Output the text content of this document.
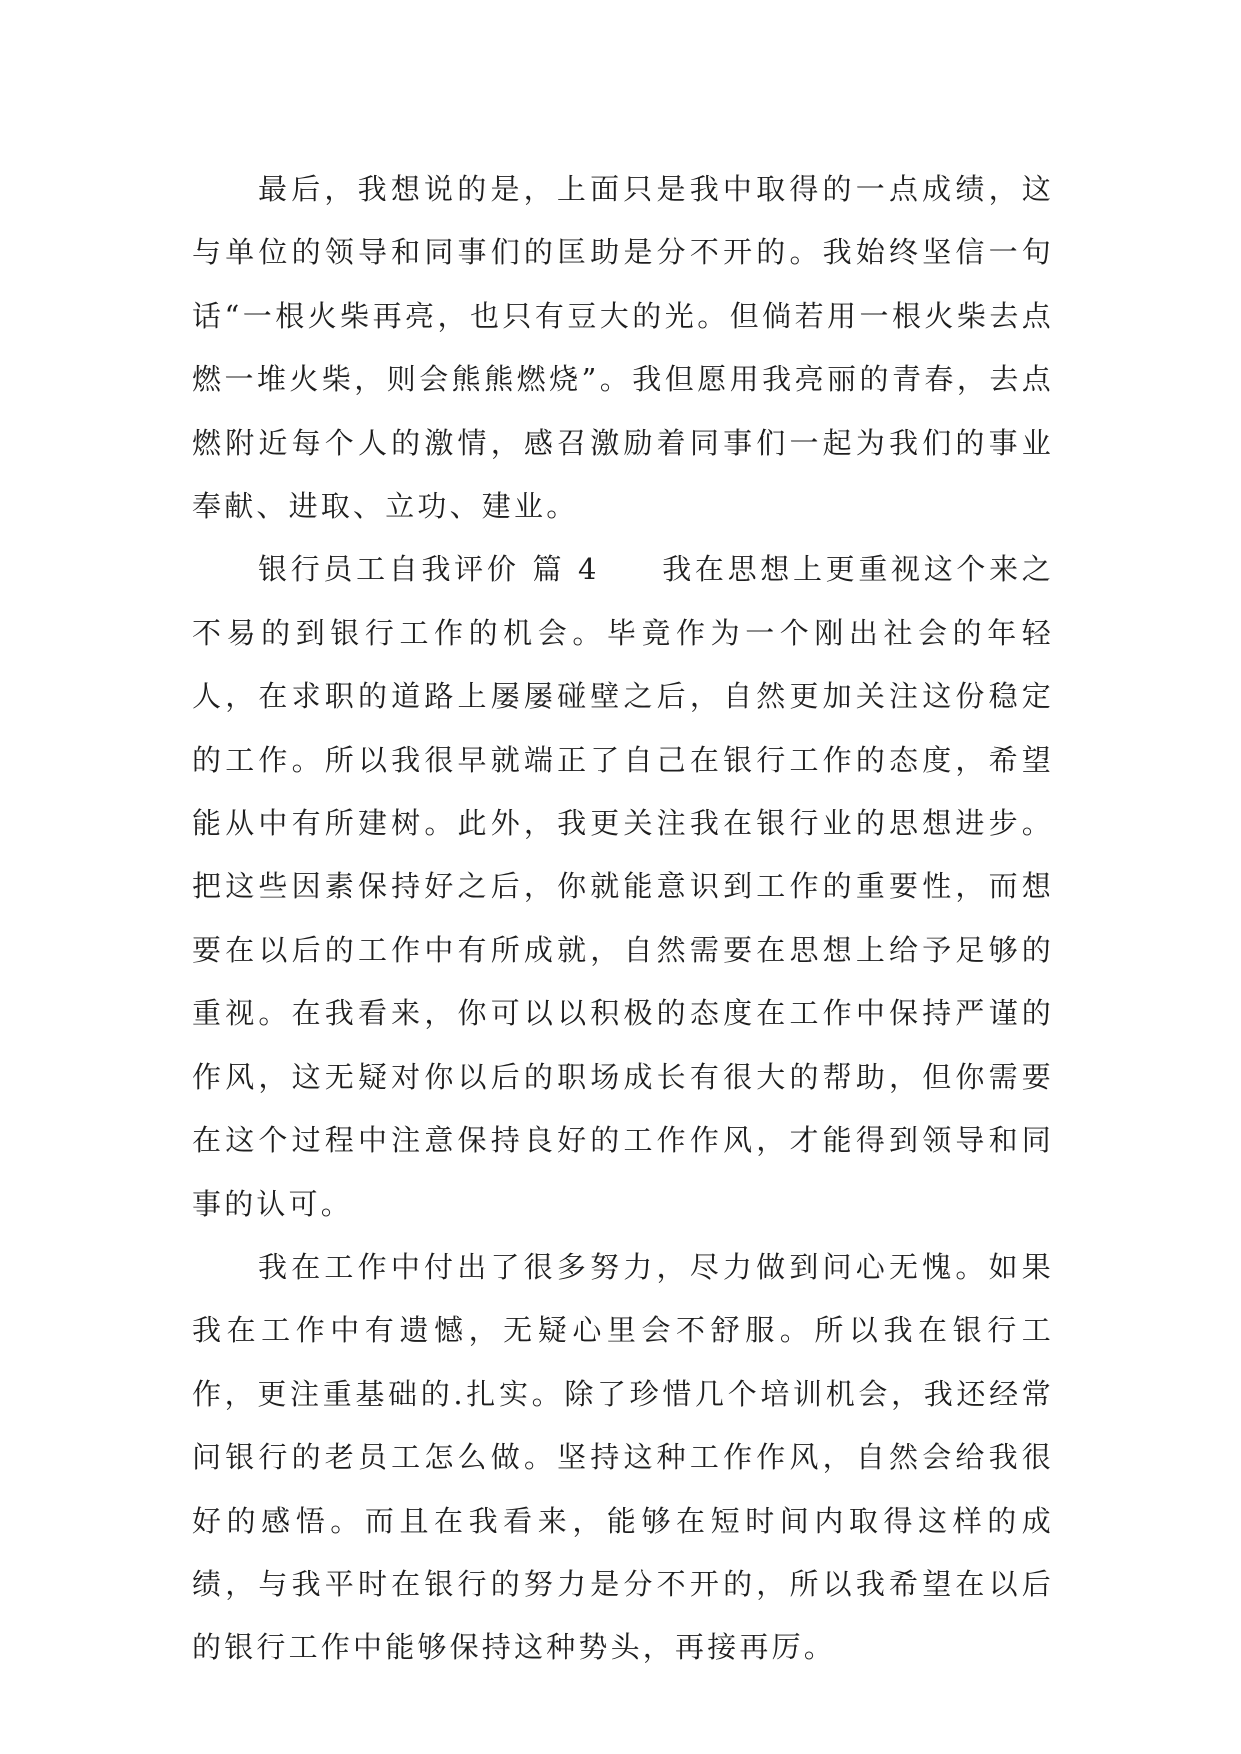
最后，我想说的是，上面只是我中取得的一点成绩，这与单位的领导和同事们的匡助是分不开的。我始终坚信一句话“一根火柴再亮，也只有豆大的光。但倘若用一根火柴去点燃一堆火柴，则会熊熊燃烧”。我但愿用我亮丽的青春，去点燃附近每个人的激情，感召激励着同事们一起为我们的事业奉献、进取、立功、建业。

银行员工自我评价 篇 4 我在思想上更重视这个来之不易的到银行工作的机会。毕竟作为一个刚出社会的年轻人，在求职的道路上屡屡碰壁之后，自然更加关注这份稳定的工作。所以我很早就端正了自己在银行工作的态度，希望能从中有所建树。此外，我更关注我在银行业的思想进步。把这些因素保持好之后，你就能意识到工作的重要性，而想要在以后的工作中有所成就，自然需要在思想上给予足够的重视。在我看来，你可以以积极的态度在工作中保持严谨的作风，这无疑对你以后的职场成长有很大的帮助，但你需要在这个过程中注意保持良好的工作作风，才能得到领导和同事的认可。

我在工作中付出了很多努力，尽力做到问心无愧。如果我在工作中有遗憾，无疑心里会不舒服。所以我在银行工作，更注重基础的.扎实。除了珍惜几个培训机会，我还经常问银行的老员工怎么做。坚持这种工作作风，自然会给我很好的感悟。而且在我看来，能够在短时间内取得这样的成绩，与我平时在银行的努力是分不开的，所以我希望在以后的银行工作中能够保持这种势头，再接再厉。
